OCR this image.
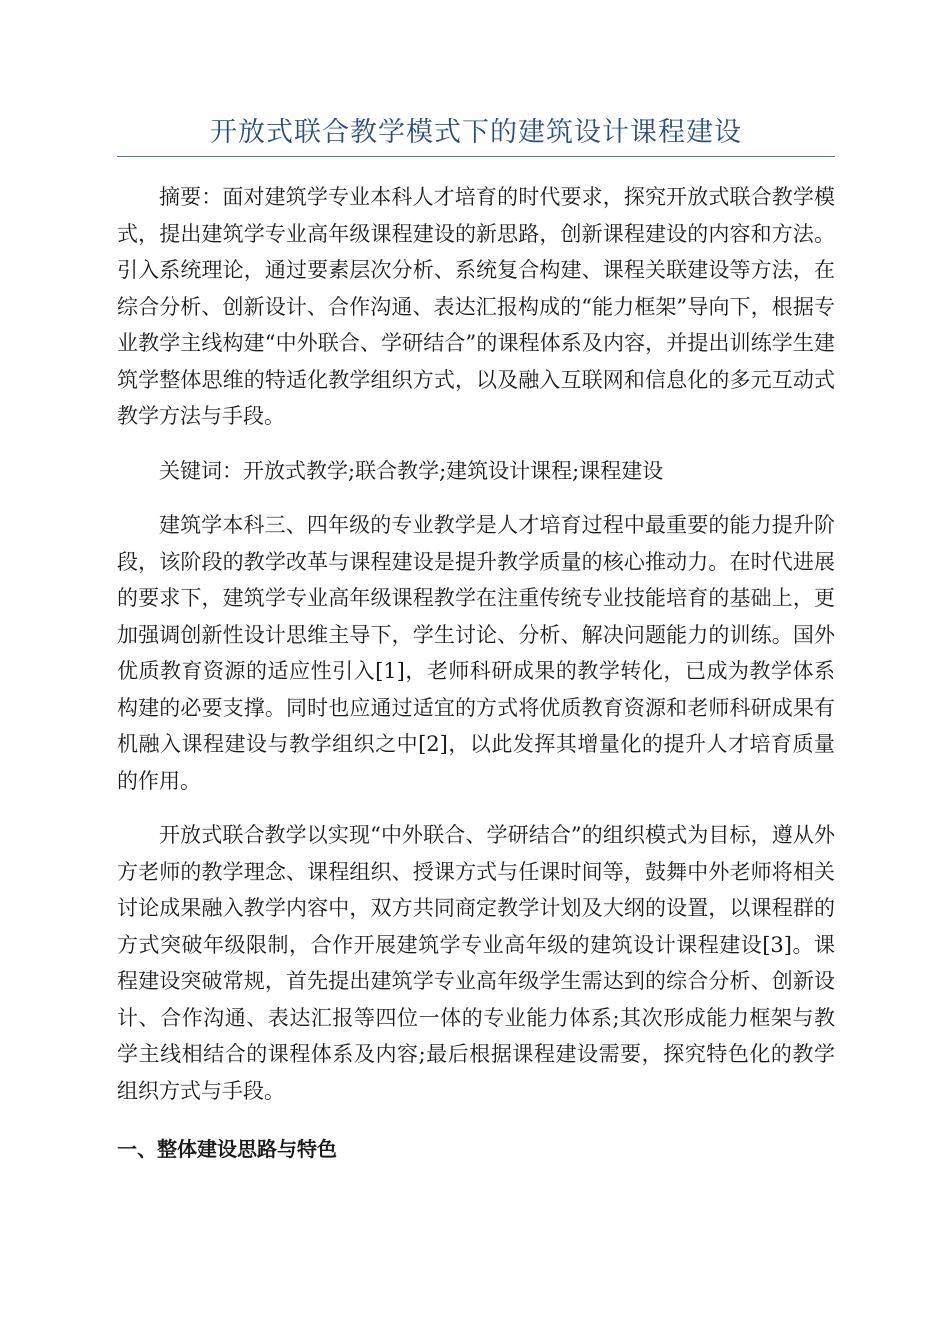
开放式联合教学模式下的建筑设计课程建设

摘要：面对建筑学专业本科人才培育的时代要求，探究开放式联合教学模式，提出建筑学专业高年级课程建设的新思路，创新课程建设的内容和方法。引入系统理论，通过要素层次分析、系统复合构建、课程关联建设等方法，在综合分析、创新设计、合作沟通、表达汇报构成的“能力框架”导向下，根据专业教学主线构建“中外联合、学研结合”的课程体系及内容，并提出训练学生建筑学整体思维的特适化教学组织方式，以及融入互联网和信息化的多元互动式教学方法与手段。

关键词：开放式教学;联合教学;建筑设计课程;课程建设

建筑学本科三、四年级的专业教学是人才培育过程中最重要的能力提升阶段，该阶段的教学改革与课程建设是提升教学质量的核心推动力。在时代进展的要求下，建筑学专业高年级课程教学在注重传统专业技能培育的基础上，更加强调创新性设计思维主导下，学生讨论、分析、解决问题能力的训练。国外优质教育资源的适应性引入[1]，老师科研成果的教学转化，已成为教学体系构建的必要支撑。同时也应通过适宜的方式将优质教育资源和老师科研成果有机融入课程建设与教学组织之中[2]，以此发挥其增量化的提升人才培育质量的作用。

开放式联合教学以实现“中外联合、学研结合”的组织模式为目标，遵从外方老师的教学理念、课程组织、授课方式与任课时间等，鼓舞中外老师将相关讨论成果融入教学内容中，双方共同商定教学计划及大纲的设置，以课程群的方式突破年级限制，合作开展建筑学专业高年级的建筑设计课程建设[3]。课程建设突破常规，首先提出建筑学专业高年级学生需达到的综合分析、创新设计、合作沟通、表达汇报等四位一体的专业能力体系;其次形成能力框架与教学主线相结合的课程体系及内容;最后根据课程建设需要，探究特色化的教学组织方式与手段。

一、整体建设思路与特色
